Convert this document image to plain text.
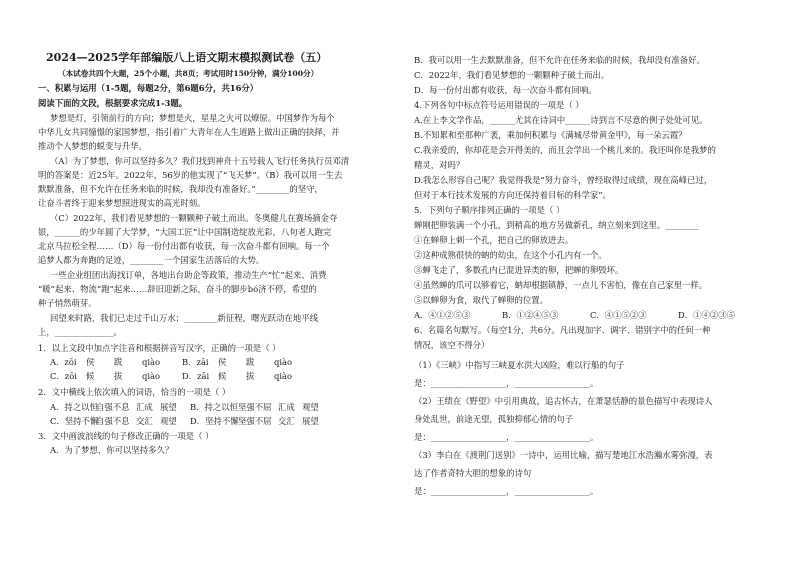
2024—2025学年部编版八上语文期末模拟测试卷（五）
（本试卷共四个大题，25个小题，共8页；考试用时150分钟，满分100分）
一、积累与运用（1-5题，每题2分，第6题6分，共16分）
阅读下面的文段，根据要求完成1-3题。
梦想是灯，引领前行的方向；梦想是火，星星之火可以燎原。中国梦作为每个
中华儿女共同憧憬的家国梦想，指引着广大青年在人生道路上做出正确的抉择，并
推动个人梦想的蜕变与升华。
（A）为了梦想，你可以坚持多久？我们找到神舟十五号载人飞行任务执行员邓清
明的答案是：近25年。2022年，56岁的他实现了“飞天梦”。（B）我可以用一生去
默默准备，但不允许在任务来临的时候，我却没有准备好。”________的坚守，
让奋斗者终于迎来梦想照进现实的高光时刻。
（C）2022年，我们看见梦想的一颗颗种子破土而出。冬奥健儿在赛场摘金夺
银，______的少年圆了大学梦，“大国工匠”让中国制造绽放光彩，八旬老人跑完
北京马拉松全程……（D）每一份付出都有收获，每一次奋斗都有回响。每一个
追梦人都为奔跑的足迹，________一个国家生活落后的大势。
一些企业组团出海找订单，各地出台助企等政策，推动生产“忙”起来、消费
“暖”起来、物流“跑”起来……辞旧迎新之际，奋斗的脚步bó济不停，希望的
种子悄然萌芽。
回望来时路，我们已走过千山万水；________新征程，曙光跃动在地平线
上，______________。
1．以上文段中加点字注音和根据拼音写汉字，正确的一项是（ ）
A．zōi 侯 跋 qiào	B．zāi 侯 跋 qiào
C．zōi 候 拔 qiào	D．zāi 候 拔 qiào
2．文中横线上依次填入的词语，恰当的一项是（ ）
A．持之以恒自强不息 汇成 展望 B．持之以恒坚强不屈 汇成 观望
C．坚持不懈自强不息 交汇 观望 D．坚持不懈坚强不屈 交汇 展望
3．文中画波浪线的句子修改正确的一项是（ ）
A．为了梦想，你可以坚持多久？
B．我可以用一生去默默准备，但不允许在任务来临的时候，我却没有准备好。
C．2022年，我们看见梦想的一颗颗种子破土而出。
D．每一份付出都有收获，每一次奋斗都有回响。
4.下列各句中标点符号运用错误的一项是（ ）
A.在上李文学作品，______尤其在诗词中______诗到言不尽意的例子处处可见。
B.不知累和至那种广袤，乘加何积累与《满城尽带黄金甲》，每一朵云霞？
C.我亲爱的，你却花是会开得美的，而且会学出一个桃儿来的。我还叫你是我梦的
精灵，对吗？
D.我怎么形容自己呢？我觉得我是“努力奋斗，曾经取得过成绩，现在高峰已过，
但对于本行技术发展的方向还保持着目标的科学家”。
5．下列句子顺序排列正确的一项是（ ）
蝉刚把卵装满一个小孔，到稍高的地方另做新孔，纳立刻来到这里。________
①在蝉卵上刺一个孔，把自己的卵放进去。
②这种成熟很快的蚋的幼虫，在这个小孔内有一个。
③蝉飞走了，多数孔内已混进异类的卵，把蝉的卵毁坏。
④虽然蝉的爪可以够着它，蚋却根据镇静，一点儿不害怕，像在自己家里一样。
⑤以蝉卵为食，取代了蝉卵的位置。
A．④①②⑤③	B．①②④⑤③	C．④①⑤②③	D．①④②③⑤
6、名篇名句默写。（每空1分，共6分。凡出现加字、调字、错别字中的任何一种
情况，该空不得分）
（1）《三峡》中指写三峡夏水洪大凶险，难以行船的句子
是：__________________，__________________。
（2）王绩在《野望》中引用典故，追古怀古，在萧瑟恬静的景色描写中表现诗人
身处乱世，前途无望，孤独抑郁心情的句子
是：__________________，__________________。
（3）李白在《渡荆门送别》一诗中，运用比喻，描写楚地江水浩瀚水雾弥漫，表
达了作者奇特大胆的想象的诗句
是：__________________，__________________。
